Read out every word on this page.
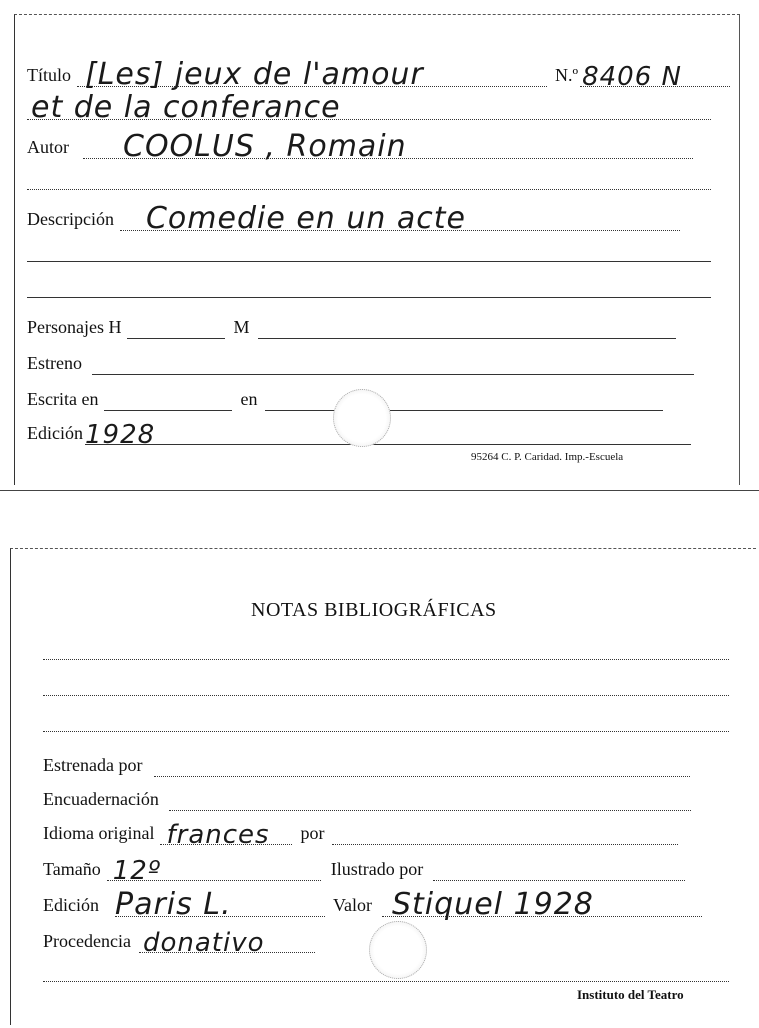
Título [Les] jeux de l'amour	N.º 8406 N
et de la conferance
Autor COOLUS , Romain
Descripción Comedie en un acte
Personajes H	M
Estreno
Escrita en	en
Edición 1928
95264 C. P. Caridad. Imp.-Escuela
NOTAS BIBLIOGRÁFICAS
Estrenada por
Encuadernación
Idioma original frances por
Tamaño 12º	Ilustrado por
Edición Paris L.	Valor Stiquel 1928
Procedencia donativo
Instituto del Teatro
